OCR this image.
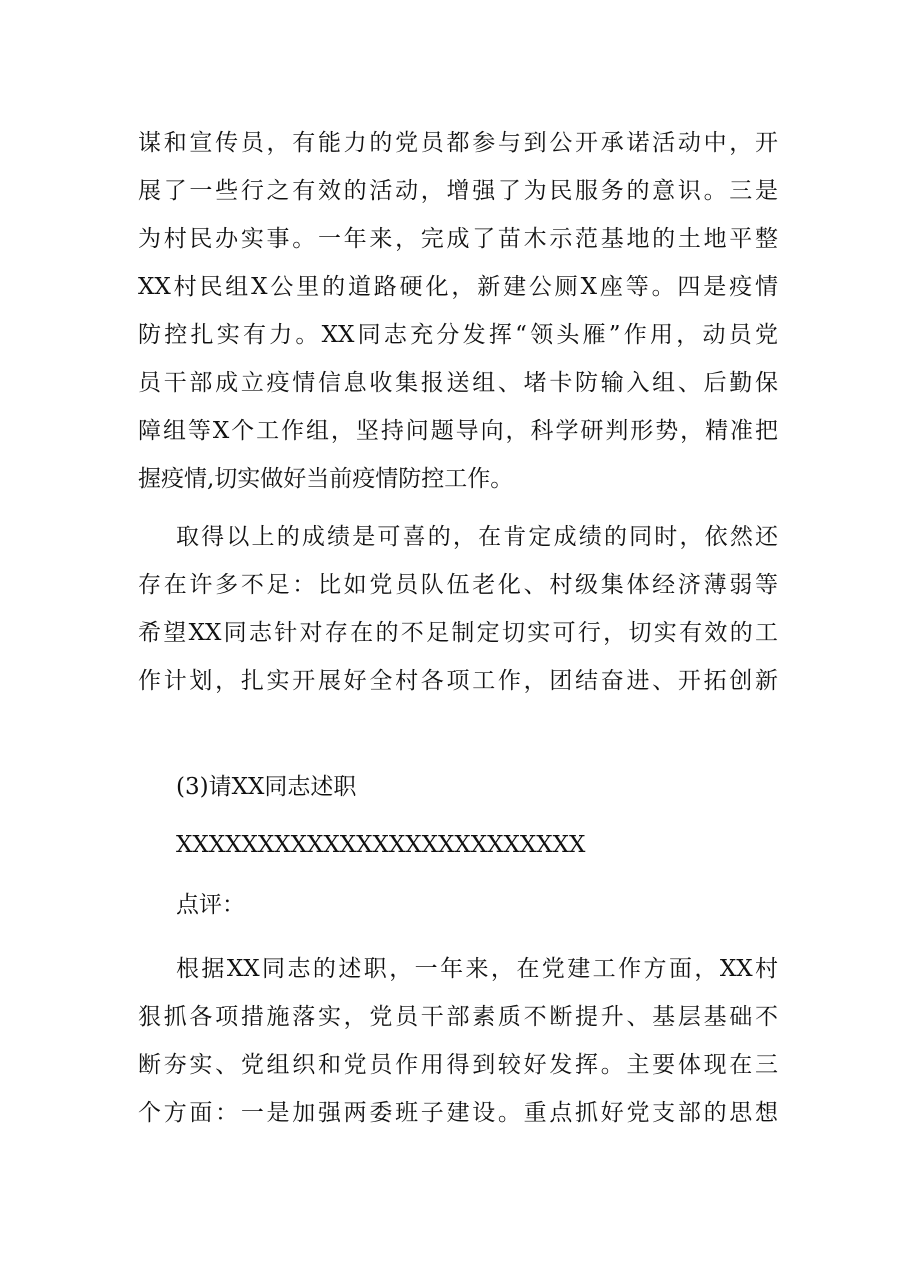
谋和宣传员，有能力的党员都参与到公开承诺活动中，开
展了一些行之有效的活动，增强了为民服务的意识。三是
为村民办实事。一年来，完成了苗木示范基地的土地平整
XX村民组X公里的道路硬化，新建公厕X座等。四是疫情
防控扎实有力。XX同志充分发挥“领头雁”作用，动员党
员干部成立疫情信息收集报送组、堵卡防输入组、后勤保
障组等X个工作组，坚持问题导向，科学研判形势，精准把
握疫情,切实做好当前疫情防控工作。
取得以上的成绩是可喜的，在肯定成绩的同时，依然还
存在许多不足：比如党员队伍老化、村级集体经济薄弱等
希望XX同志针对存在的不足制定切实可行，切实有效的工
作计划，扎实开展好全村各项工作，团结奋进、开拓创新
(3)请XX同志述职
XXXXXXXXXXXXXXXXXXXXXXXXX
点评：
根据XX同志的述职，一年来，在党建工作方面，XX村
狠抓各项措施落实，党员干部素质不断提升、基层基础不
断夯实、党组织和党员作用得到较好发挥。主要体现在三
个方面：一是加强两委班子建设。重点抓好党支部的思想
